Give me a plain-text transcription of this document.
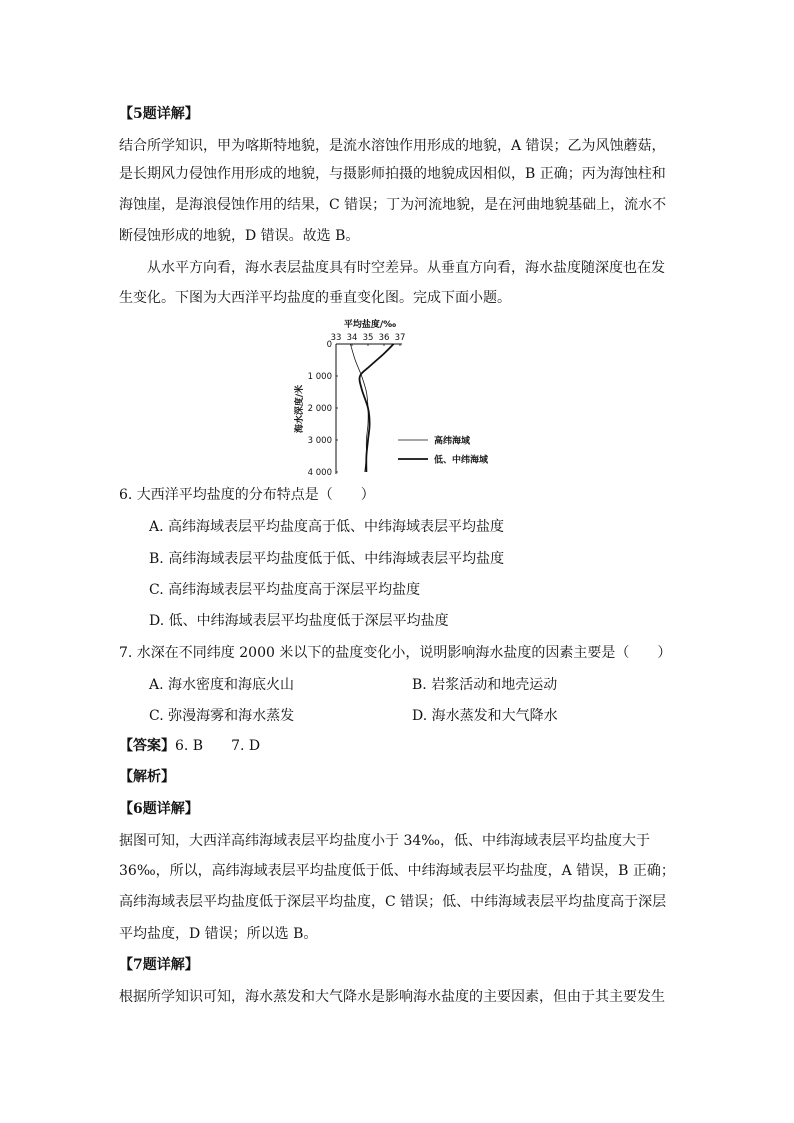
【5题详解】
结合所学知识，甲为喀斯特地貌，是流水溶蚀作用形成的地貌，A 错误；乙为风蚀蘑菇，
是长期风力侵蚀作用形成的地貌，与摄影师拍摄的地貌成因相似，B 正确；丙为海蚀柱和
海蚀崖，是海浪侵蚀作用的结果，C 错误；丁为河流地貌，是在河曲地貌基础上，流水不
断侵蚀形成的地貌，D 错误。故选 B。
从水平方向看，海水表层盐度具有时空差异。从垂直方向看，海水盐度随深度也在发
生变化。下图为大西洋平均盐度的垂直变化图。完成下面小题。
平均盐度/‰
33 34 35 36 37
0
1 000
2 000
3 000
4 000
海水深度/米
高纬海域
低、中纬海域
6. 大西洋平均盐度的分布特点是（　　）
A. 高纬海域表层平均盐度高于低、中纬海域表层平均盐度
B. 高纬海域表层平均盐度低于低、中纬海域表层平均盐度
C. 高纬海域表层平均盐度高于深层平均盐度
D. 低、中纬海域表层平均盐度低于深层平均盐度
7. 水深在不同纬度 2000 米以下的盐度变化小，说明影响海水盐度的因素主要是（　　）
A. 海水密度和海底火山	B. 岩浆活动和地壳运动
C. 弥漫海雾和海水蒸发	D. 海水蒸发和大气降水
【答案】6. B　　7. D
【解析】
【6题详解】
据图可知，大西洋高纬海域表层平均盐度小于 34‰，低、中纬海域表层平均盐度大于
36‰，所以，高纬海域表层平均盐度低于低、中纬海域表层平均盐度，A 错误，B 正确；
高纬海域表层平均盐度低于深层平均盐度，C 错误；低、中纬海域表层平均盐度高于深层
平均盐度，D 错误；所以选 B。
【7题详解】
根据所学知识可知，海水蒸发和大气降水是影响海水盐度的主要因素，但由于其主要发生
